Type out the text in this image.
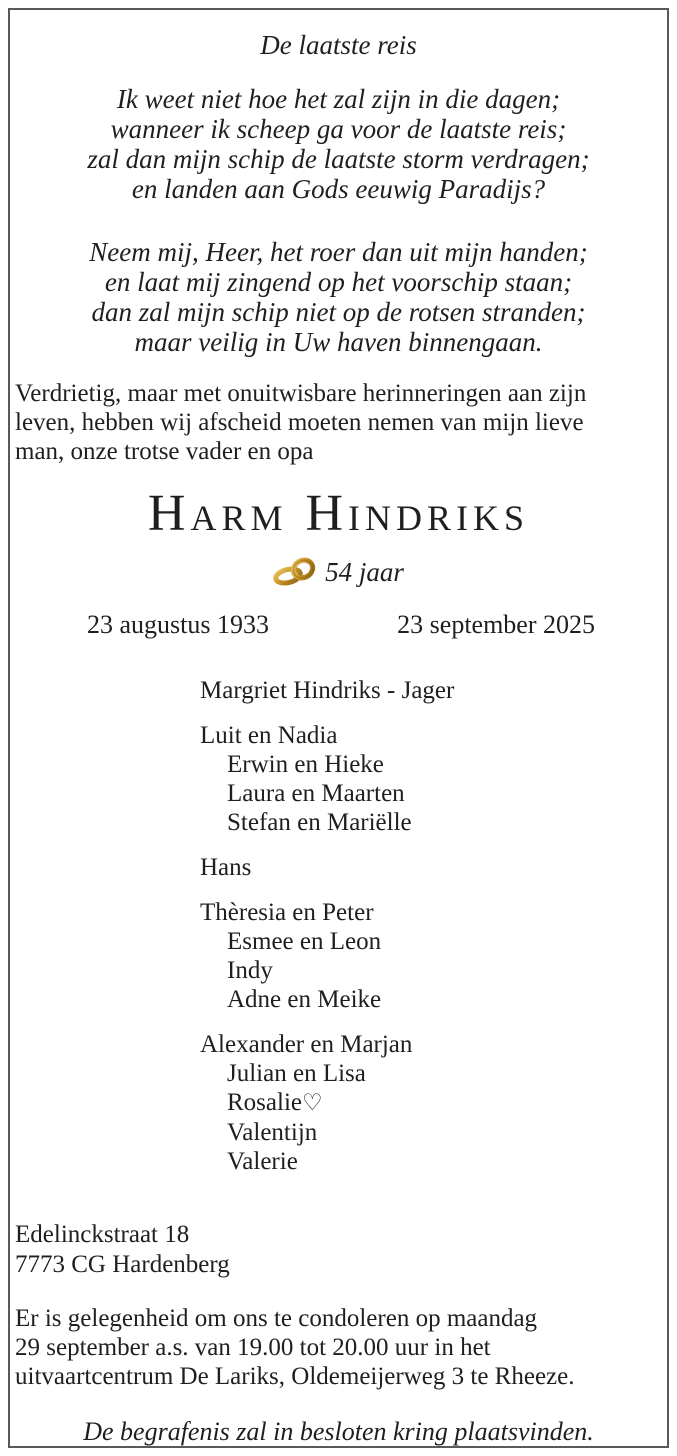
De laatste reis
Ik weet niet hoe het zal zijn in die dagen;
wanneer ik scheep ga voor de laatste reis;
zal dan mijn schip de laatste storm verdragen;
en landen aan Gods eeuwig Paradijs?
Neem mij, Heer, het roer dan uit mijn handen;
en laat mij zingend op het voorschip staan;
dan zal mijn schip niet op de rotsen stranden;
maar veilig in Uw haven binnengaan.
Verdrietig, maar met onuitwisbare herinneringen aan zijn
leven, hebben wij afscheid moeten nemen van mijn lieve
man, onze trotse vader en opa
Harm Hindriks
54 jaar
23 augustus 1933	23 september 2025
Margriet Hindriks - Jager
Luit en Nadia
Erwin en Hieke
Laura en Maarten
Stefan en Mariëlle
Hans
Thèresia en Peter
Esmee en Leon
Indy
Adne en Meike
Alexander en Marjan
Julian en Lisa
Rosalie♡
Valentijn
Valerie
Edelinckstraat 18
7773 CG Hardenberg
Er is gelegenheid om ons te condoleren op maandag
29 september a.s. van 19.00 tot 20.00 uur in het
uitvaartcentrum De Lariks, Oldemeijerweg 3 te Rheeze.
De begrafenis zal in besloten kring plaatsvinden.
